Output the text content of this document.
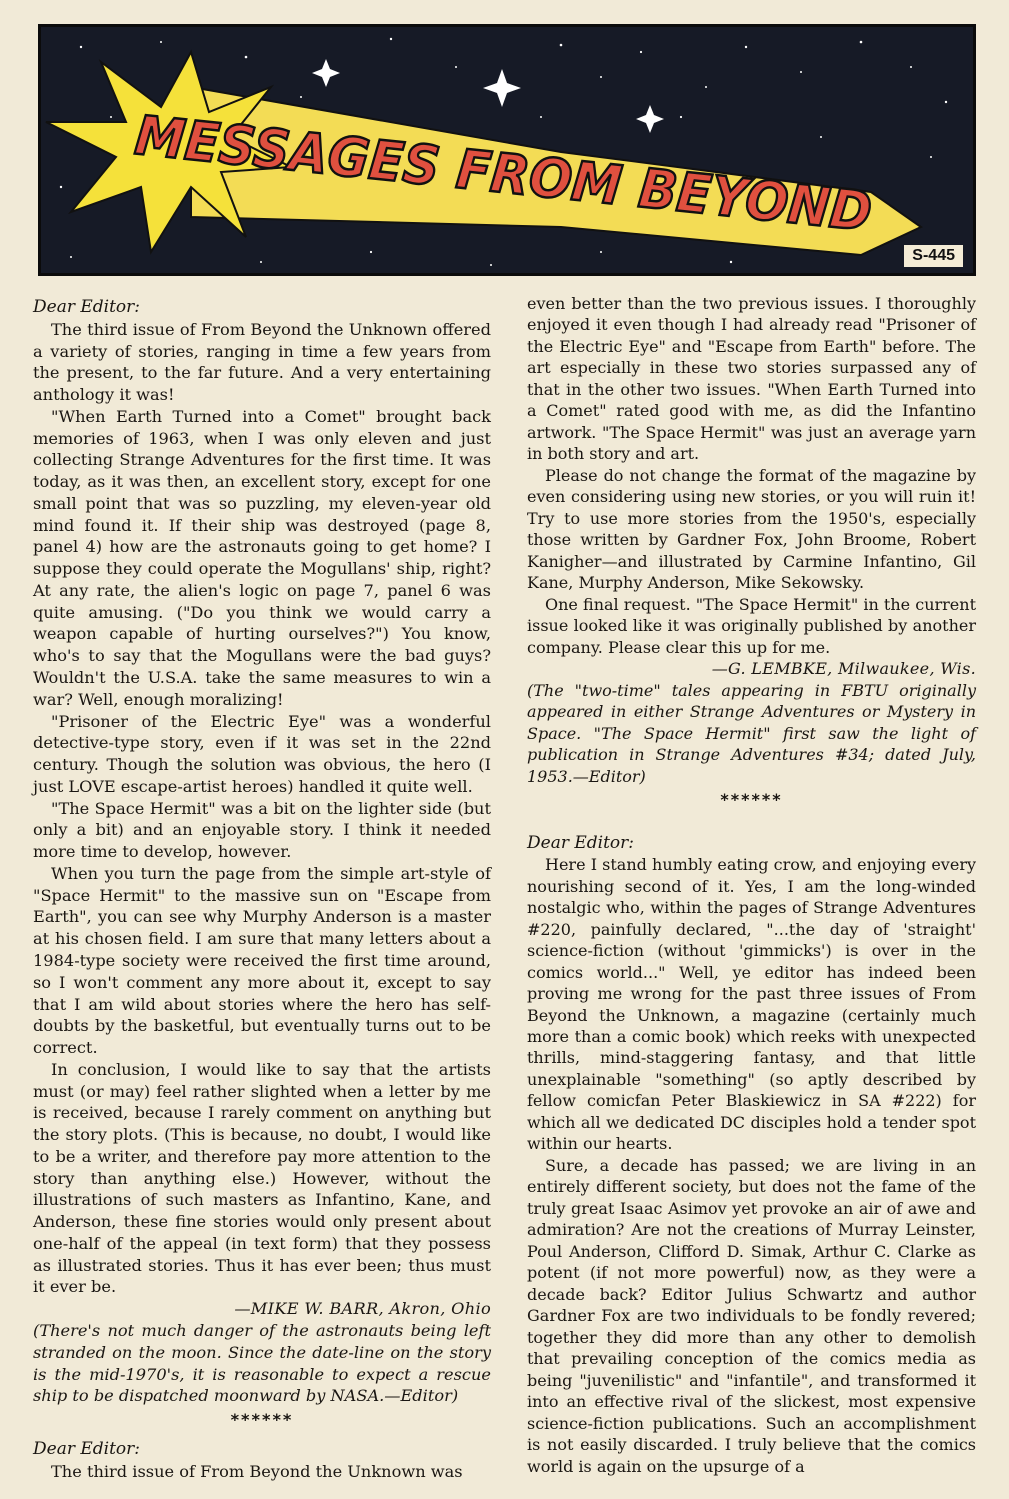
MESSAGES FROM BEYOND
S-445

Dear Editor:

The third issue of From Beyond the Unknown offered a variety of stories, ranging in time a few years from the present, to the far future. And a very entertaining anthology it was!

"When Earth Turned into a Comet" brought back memories of 1963, when I was only eleven and just collecting Strange Adventures for the first time. It was today, as it was then, an excellent story, except for one small point that was so puzzling, my eleven-year old mind found it. If their ship was destroyed (page 8, panel 4) how are the astronauts going to get home? I suppose they could operate the Mogullans' ship, right? At any rate, the alien's logic on page 7, panel 6 was quite amusing. ("Do you think we would carry a weapon capable of hurting ourselves?") You know, who's to say that the Mogullans were the bad guys? Wouldn't the U.S.A. take the same measures to win a war? Well, enough moralizing!

"Prisoner of the Electric Eye" was a wonderful detective-type story, even if it was set in the 22nd century. Though the solution was obvious, the hero (I just LOVE escape-artist heroes) handled it quite well.

"The Space Hermit" was a bit on the lighter side (but only a bit) and an enjoyable story. I think it needed more time to develop, however.

When you turn the page from the simple art-style of "Space Hermit" to the massive sun on "Escape from Earth", you can see why Murphy Anderson is a master at his chosen field. I am sure that many letters about a 1984-type society were received the first time around, so I won't comment any more about it, except to say that I am wild about stories where the hero has self-doubts by the basketful, but eventually turns out to be correct.

In conclusion, I would like to say that the artists must (or may) feel rather slighted when a letter by me is received, because I rarely comment on anything but the story plots. (This is because, no doubt, I would like to be a writer, and therefore pay more attention to the story than anything else.) However, without the illustrations of such masters as Infantino, Kane, and Anderson, these fine stories would only present about one-half of the appeal (in text form) that they possess as illustrated stories. Thus it has ever been; thus must it ever be.

—MIKE W. BARR, Akron, Ohio

(There's not much danger of the astronauts being left stranded on the moon. Since the date-line on the story is the mid-1970's, it is reasonable to expect a rescue ship to be dispatched moonward by NASA.—Editor)

******

Dear Editor:

The third issue of From Beyond the Unknown was

even better than the two previous issues. I thoroughly enjoyed it even though I had already read "Prisoner of the Electric Eye" and "Escape from Earth" before. The art especially in these two stories surpassed any of that in the other two issues. "When Earth Turned into a Comet" rated good with me, as did the Infantino artwork. "The Space Hermit" was just an average yarn in both story and art.

Please do not change the format of the magazine by even considering using new stories, or you will ruin it! Try to use more stories from the 1950's, especially those written by Gardner Fox, John Broome, Robert Kanigher—and illustrated by Carmine Infantino, Gil Kane, Murphy Anderson, Mike Sekowsky.

One final request. "The Space Hermit" in the current issue looked like it was originally published by another company. Please clear this up for me.

—G. LEMBKE, Milwaukee, Wis.

(The "two-time" tales appearing in FBTU originally appeared in either Strange Adventures or Mystery in Space. "The Space Hermit" first saw the light of publication in Strange Adventures #34; dated July, 1953.—Editor)

******

Dear Editor:

Here I stand humbly eating crow, and enjoying every nourishing second of it. Yes, I am the long-winded nostalgic who, within the pages of Strange Adventures #220, painfully declared, "...the day of 'straight' science-fiction (without 'gimmicks') is over in the comics world..." Well, ye editor has indeed been proving me wrong for the past three issues of From Beyond the Unknown, a magazine (certainly much more than a comic book) which reeks with unexpected thrills, mind-staggering fantasy, and that little unexplainable "something" (so aptly described by fellow comicfan Peter Blaskiewicz in SA #222) for which all we dedicated DC disciples hold a tender spot within our hearts.

Sure, a decade has passed; we are living in an entirely different society, but does not the fame of the truly great Isaac Asimov yet provoke an air of awe and admiration? Are not the creations of Murray Leinster, Poul Anderson, Clifford D. Simak, Arthur C. Clarke as potent (if not more powerful) now, as they were a decade back? Editor Julius Schwartz and author Gardner Fox are two individuals to be fondly revered; together they did more than any other to demolish that prevailing conception of the comics media as being "juvenilistic" and "infantile", and transformed it into an effective rival of the slickest, most expensive science-fiction publications. Such an accomplishment is not easily discarded. I truly believe that the comics world is again on the upsurge of a
